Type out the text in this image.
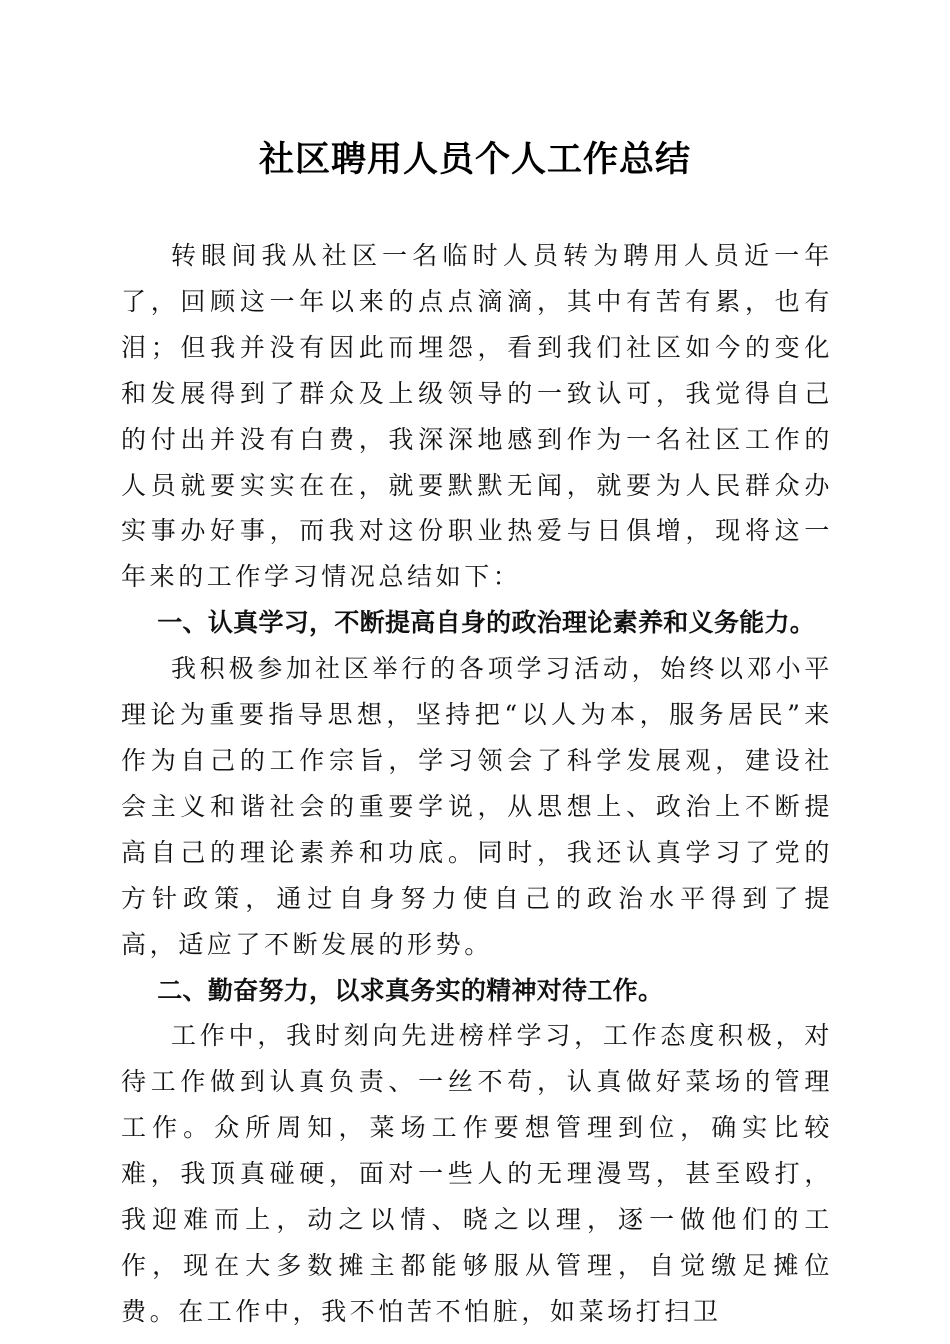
社区聘用人员个人工作总结

转眼间我从社区一名临时人员转为聘用人员近一年了，回顾这一年以来的点点滴滴，其中有苦有累，也有泪；但我并没有因此而埋怨，看到我们社区如今的变化和发展得到了群众及上级领导的一致认可，我觉得自己的付出并没有白费，我深深地感到作为一名社区工作的人员就要实实在在，就要默默无闻，就要为人民群众办实事办好事，而我对这份职业热爱与日俱增，现将这一年来的工作学习情况总结如下：

一、认真学习，不断提高自身的政治理论素养和义务能力。

我积极参加社区举行的各项学习活动，始终以邓小平理论为重要指导思想，坚持把“以人为本，服务居民”来作为自己的工作宗旨，学习领会了科学发展观，建设社会主义和谐社会的重要学说，从思想上、政治上不断提高自己的理论素养和功底。同时，我还认真学习了党的方针政策，通过自身努力使自己的政治水平得到了提高，适应了不断发展的形势。

二、勤奋努力，以求真务实的精神对待工作。

工作中，我时刻向先进榜样学习，工作态度积极，对待工作做到认真负责、一丝不苟，认真做好菜场的管理工作。众所周知，菜场工作要想管理到位，确实比较难，我顶真碰硬，面对一些人的无理漫骂，甚至殴打，我迎难而上，动之以情、晓之以理，逐一做他们的工作，现在大多数摊主都能够服从管理，自觉缴足摊位费。在工作中，我不怕苦不怕脏，如菜场打扫卫
